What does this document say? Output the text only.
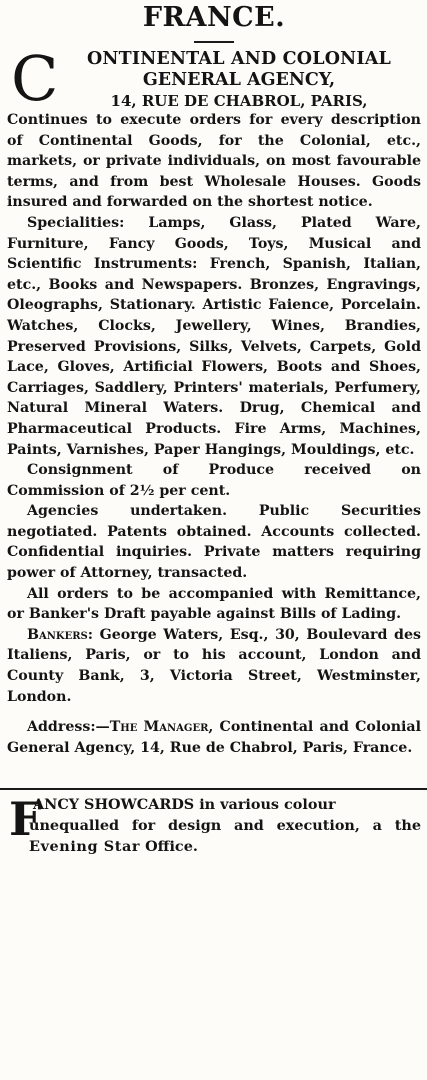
FRANCE.
C	ONTINENTAL AND COLONIAL
GENERAL AGENCY,
14, RUE DE CHABROL, PARIS,

Continues to execute orders for every description of Continental Goods, for the Colonial, etc., markets, or private individuals, on most favourable terms, and from best Wholesale Houses. Goods insured and forwarded on the shortest notice.

Specialities: Lamps, Glass, Plated Ware, Furniture, Fancy Goods, Toys, Musical and Scientific Instruments: French, Spanish, Italian, etc., Books and Newspapers. Bronzes, Engravings, Oleographs, Stationary. Artistic Faience, Porcelain. Watches, Clocks, Jewellery, Wines, Brandies, Preserved Provisions, Silks, Velvets, Carpets, Gold Lace, Gloves, Artificial Flowers, Boots and Shoes, Carriages, Saddlery, Printers' materials, Perfumery, Natural Mineral Waters. Drug, Chemical and Pharmaceutical Products. Fire Arms, Machines, Paints, Varnishes, Paper Hangings, Mouldings, etc.

Consignment of Produce received on Commission of 2½ per cent.

Agencies undertaken. Public Securities negotiated. Patents obtained. Accounts collected. Confidential inquiries. Private matters requiring power of Attorney, transacted.

All orders to be accompanied with Remittance, or Banker's Draft payable against Bills of Lading.

Bankers: George Waters, Esq., 30, Boulevard des Italiens, Paris, or to his account, London and County Bank, 3, Victoria Street, Westminster, London.

Address:—The Manager, Continental and Colonial General Agency, 14, Rue de Chabrol, Paris, France.

F

ANCY SHOWCARDS in various colour
unequalled for design and execution, a the Evening Star Office.
